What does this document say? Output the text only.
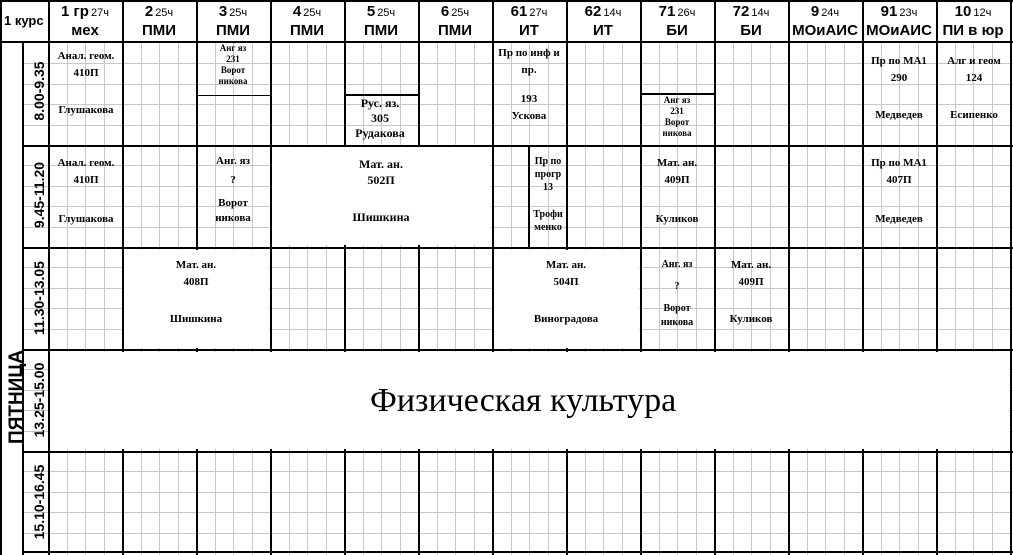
1 курс
1 гр 27ч
мех
2 25ч
ПМИ
3 25ч
ПМИ
4 25ч
ПМИ
5 25ч
ПМИ
6 25ч
ПМИ
61 27ч
ИТ
62 14ч
ИТ
71 26ч
БИ
72 14ч
БИ
9 24ч
МОиАИС
91 23ч
МОиАИС
10 12ч
ПИ в юр
ПЯТНИЦА
8.00-9.35
9.45-11.20
11.30-13.05
13.25-15.00
15.10-16.45
Анал. геом.
410П
Глушакова
Анг яз
231
Ворот
никова
Рус. яз.
305
Рудакова
Пр по инф и
пр.
193
Ускова
Анг яз
231
Ворот
никова
Пр по МА1
290
Медведев
Алг и геом
124
Есипенко
Анал. геом.
410П
Глушакова
Анг. яз
?
Ворот
никова
Мат. ан.
502П
Шишкина
Пр по
прогр
13
Трофи
менко
Мат. ан.
409П
Куликов
Пр по МА1
407П
Медведев
Мат. ан.
408П
Шишкина
Мат. ан.
504П
Виноградова
Анг. яз
?
Ворот
никова
Мат. ан.
409П
Куликов
Физическая культура
